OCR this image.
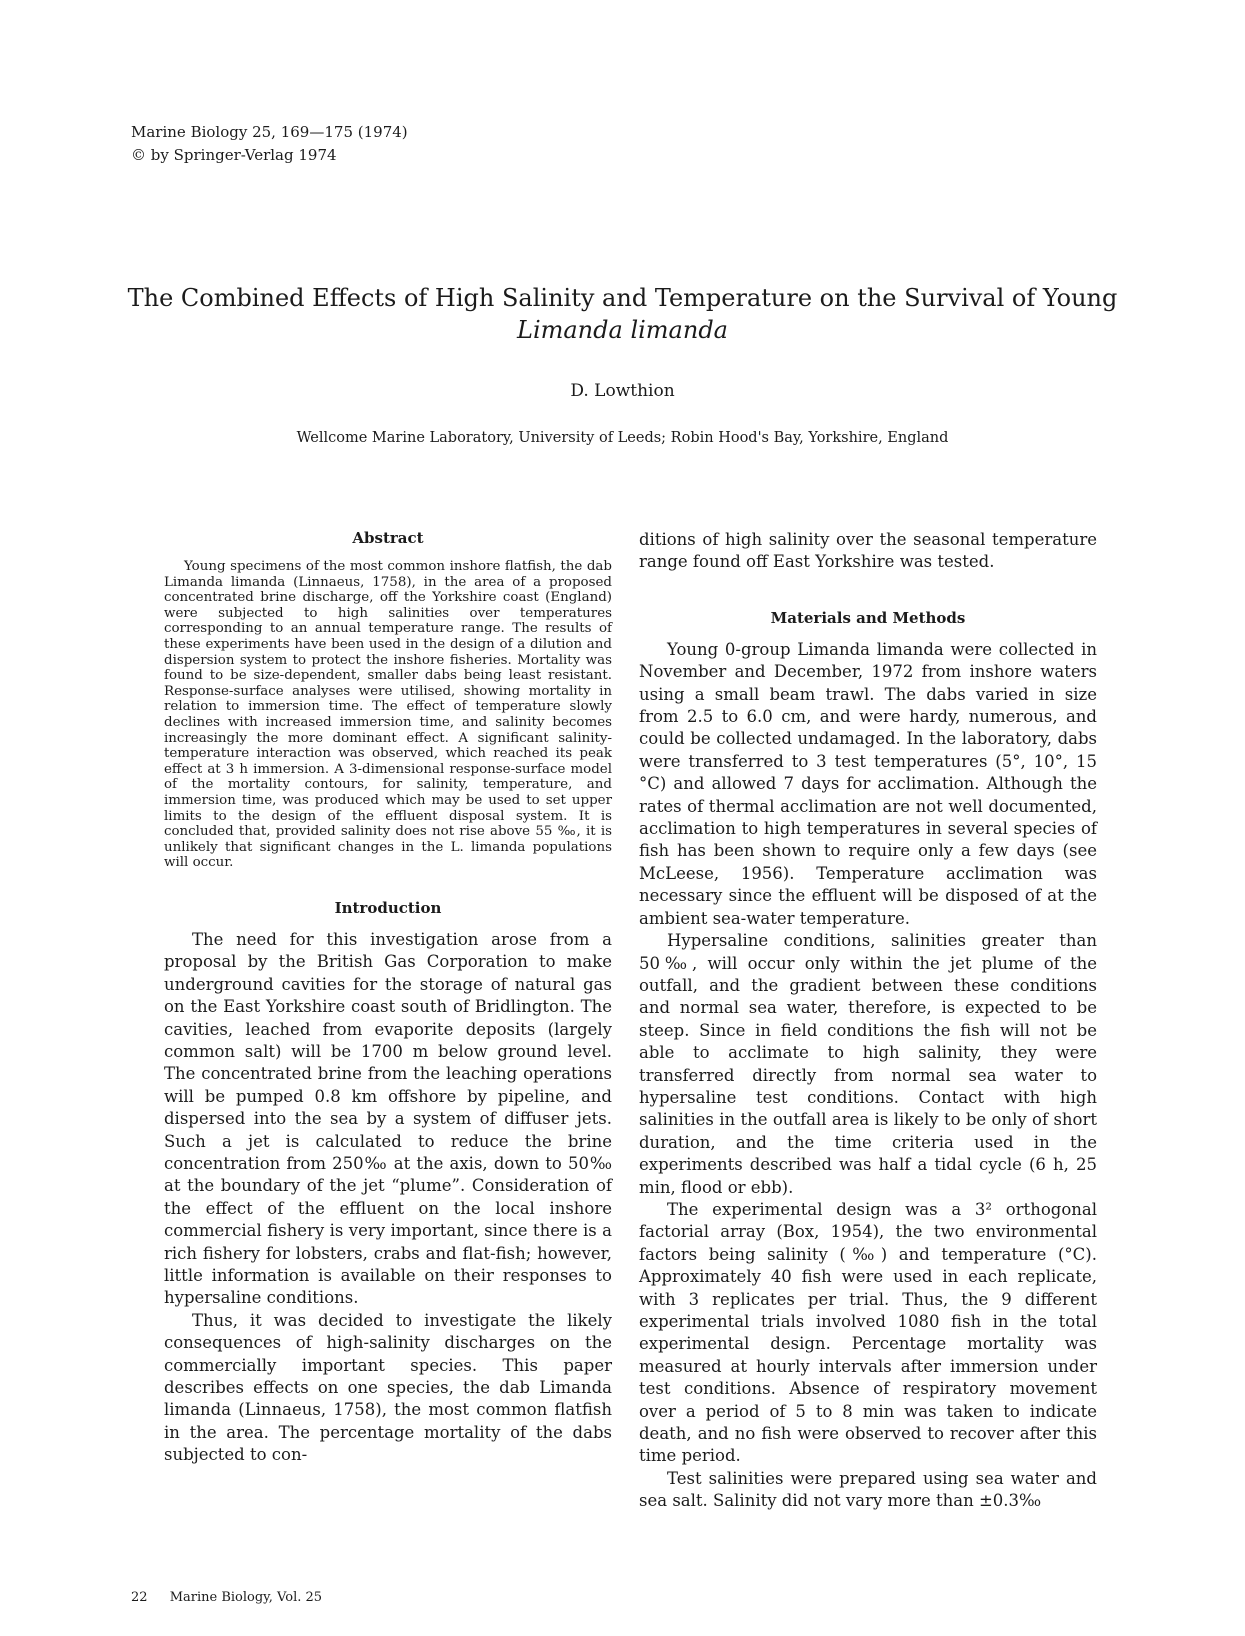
Marine Biology 25, 169—175 (1974)
© by Springer-Verlag 1974
The Combined Effects of High Salinity and Temperature on the Survival of Young
Limanda limanda
D. Lowthion
Wellcome Marine Laboratory, University of Leeds; Robin Hood's Bay, Yorkshire, England
Abstract

Young specimens of the most common inshore flatfish, the dab Limanda limanda (Linnaeus, 1758), in the area of a proposed concentrated brine discharge, off the Yorkshire coast (England) were subjected to high salinities over temperatures corresponding to an annual temperature range. The results of these experiments have been used in the design of a dilution and dispersion system to protect the inshore fisheries. Mortality was found to be size-dependent, smaller dabs being least resistant. Response-surface analyses were utilised, showing mortality in relation to immersion time. The effect of temperature slowly declines with increased immersion time, and salinity becomes increasingly the more dominant effect. A significant salinity-temperature interaction was observed, which reached its peak effect at 3 h immersion. A 3-dimensional response-surface model of the mortality contours, for salinity, temperature, and immersion time, was produced which may be used to set upper limits to the design of the effluent disposal system. It is concluded that, provided salinity does not rise above 55 ‰, it is unlikely that significant changes in the L. limanda populations will occur.

Introduction

The need for this investigation arose from a proposal by the British Gas Corporation to make underground cavities for the storage of natural gas on the East Yorkshire coast south of Bridlington. The cavities, leached from evaporite deposits (largely common salt) will be 1700 m below ground level. The concentrated brine from the leaching operations will be pumped 0.8 km offshore by pipeline, and dispersed into the sea by a system of diffuser jets. Such a jet is calculated to reduce the brine concentration from 250‰ at the axis, down to 50‰ at the boundary of the jet “plume”. Consideration of the effect of the effluent on the local inshore commercial fishery is very important, since there is a rich fishery for lobsters, crabs and flat-fish; however, little information is available on their responses to hypersaline conditions.

Thus, it was decided to investigate the likely consequences of high-salinity discharges on the commercially important species. This paper describes effects on one species, the dab Limanda limanda (Linnaeus, 1758), the most common flatfish in the area. The percentage mortality of the dabs subjected to con-

ditions of high salinity over the seasonal temperature range found off East Yorkshire was tested.

Materials and Methods

Young 0-group Limanda limanda were collected in November and December, 1972 from inshore waters using a small beam trawl. The dabs varied in size from 2.5 to 6.0 cm, and were hardy, numerous, and could be collected undamaged. In the laboratory, dabs were transferred to 3 test temperatures (5°, 10°, 15 °C) and allowed 7 days for acclimation. Although the rates of thermal acclimation are not well documented, acclimation to high temperatures in several species of fish has been shown to require only a few days (see McLeese, 1956). Temperature acclimation was necessary since the effluent will be disposed of at the ambient sea-water temperature.

Hypersaline conditions, salinities greater than 50‰, will occur only within the jet plume of the outfall, and the gradient between these conditions and normal sea water, therefore, is expected to be steep. Since in field conditions the fish will not be able to acclimate to high salinity, they were transferred directly from normal sea water to hypersaline test conditions. Contact with high salinities in the outfall area is likely to be only of short duration, and the time criteria used in the experiments described was half a tidal cycle (6 h, 25 min, flood or ebb).

The experimental design was a 3² orthogonal factorial array (Box, 1954), the two environmental factors being salinity (‰) and temperature (°C). Approximately 40 fish were used in each replicate, with 3 replicates per trial. Thus, the 9 different experimental trials involved 1080 fish in the total experimental design. Percentage mortality was measured at hourly intervals after immersion under test conditions. Absence of respiratory movement over a period of 5 to 8 min was taken to indicate death, and no fish were observed to recover after this time period.

Test salinities were prepared using sea water and sea salt. Salinity did not vary more than ±0.3‰

22 Marine Biology, Vol. 25
